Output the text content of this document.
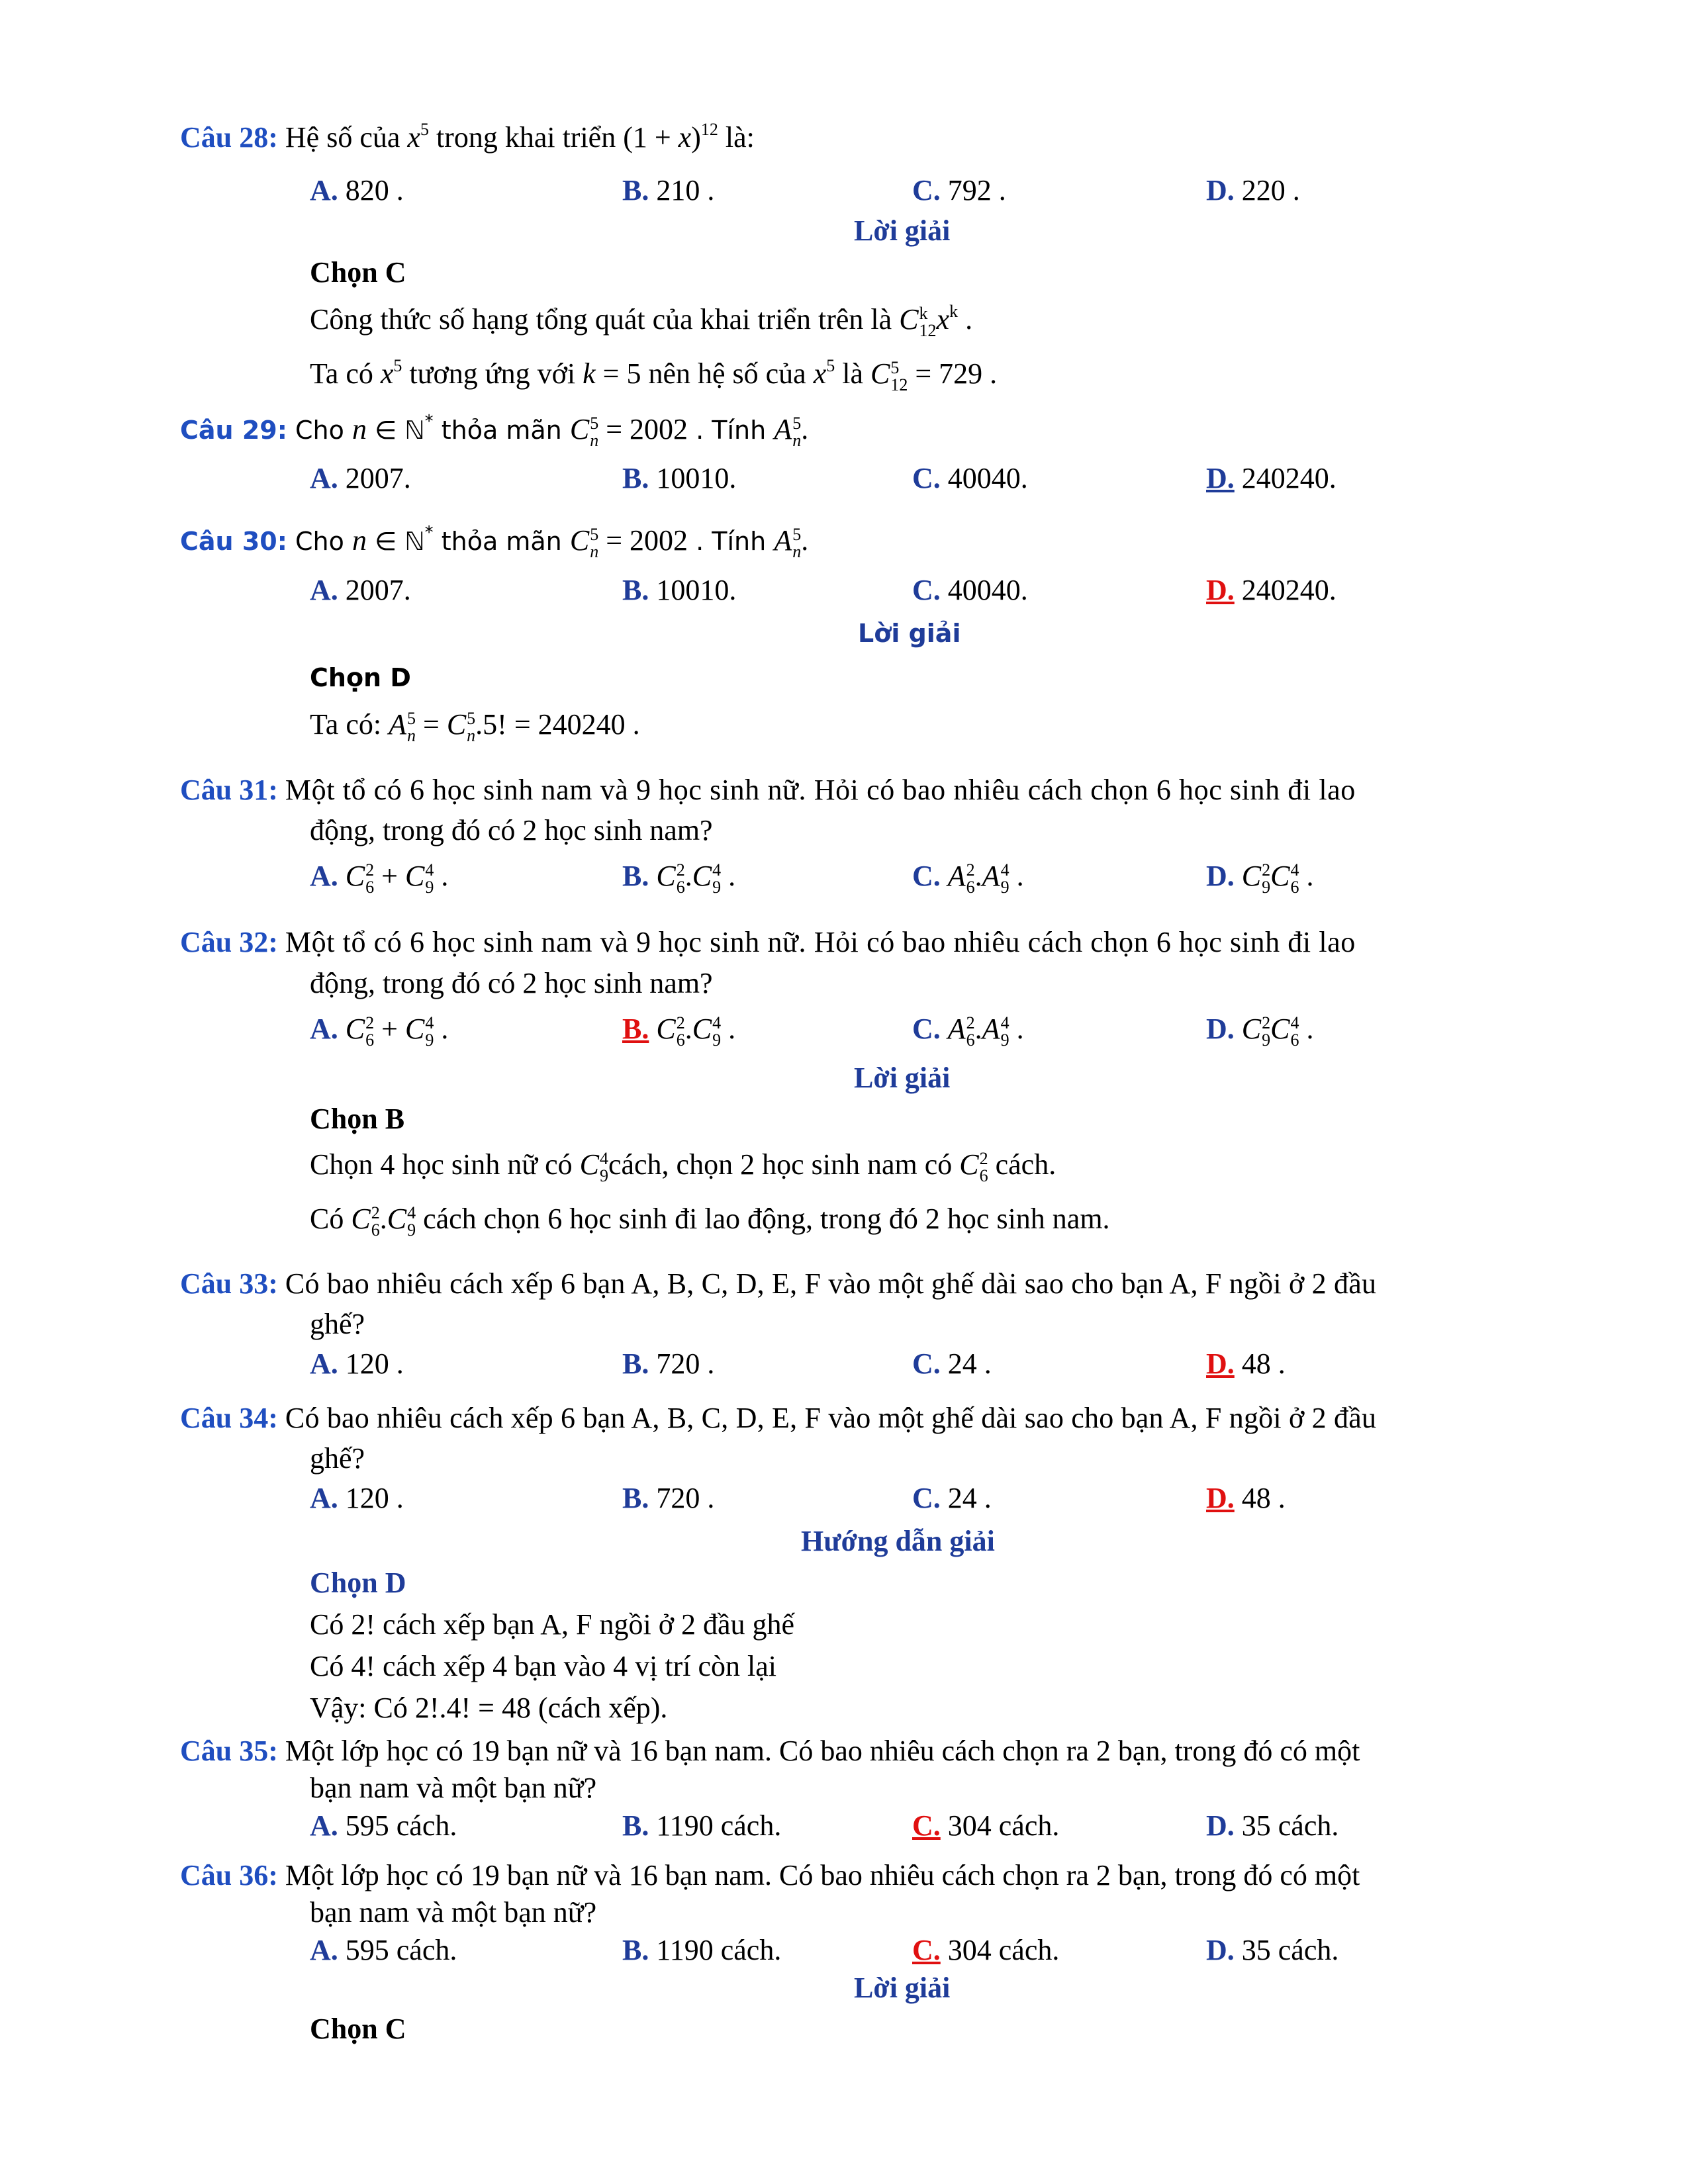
Câu 28: Hệ số của $x^5$ trong khai triển $(1 + x)^{12}$ là:
A. 820 .	B. 210 .	C. 792 .	D. 220 .
Lời giải
Chọn C
Công thức số hạng tổng quát của khai triển trên là C k
12 $x^k$ .
Ta có $x^5$ tương ứng với k = 5 nên hệ số của $x^5$ là C 5
12 = 729 .
Câu 29: Cho n ∈ ℕ* thỏa mãn C 5
n = 2002 . Tính A 5
n .
A. 2007.	B. 10010.	C. 40040.	D. 240240.
Câu 30: Cho n ∈ ℕ* thỏa mãn C 5
n = 2002 . Tính A 5
n .
A. 2007.	B. 10010.	C. 40040.	D. 240240.
Lời giải
Chọn D
Ta có: A 5
n = C 5
n .5! = 240240 .
Câu 31: Một tổ có 6 học sinh nam và 9 học sinh nữ. Hỏi có bao nhiêu cách chọn 6 học sinh đi lao
động, trong đó có 2 học sinh nam?
A. C 2
6 + C 4
9 .	B. C 2
6 .C 4
9 .	C. A 2
6 .A 4
9 .	D. C 2
9 C 4
6 .
Câu 32: Một tổ có 6 học sinh nam và 9 học sinh nữ. Hỏi có bao nhiêu cách chọn 6 học sinh đi lao
động, trong đó có 2 học sinh nam?
A. C 2
6 + C 4
9 .	B. C 2
6 .C 4
9 .	C. A 2
6 .A 4
9 .	D. C 2
9 C 4
6 .
Lời giải
Chọn B
Chọn 4 học sinh nữ có C 4
9 cách, chọn 2 học sinh nam có C 2
6 cách.
Có C 2
6 .C 4
9 cách chọn 6 học sinh đi lao động, trong đó 2 học sinh nam.
Câu 33: Có bao nhiêu cách xếp 6 bạn A, B, C, D, E, F vào một ghế dài sao cho bạn A, F ngồi ở 2 đầu
ghế?
A. 120 .	B. 720 .	C. 24 .	D. 48 .
Câu 34: Có bao nhiêu cách xếp 6 bạn A, B, C, D, E, F vào một ghế dài sao cho bạn A, F ngồi ở 2 đầu
ghế?
A. 120 .	B. 720 .	C. 24 .	D. 48 .
Hướng dẫn giải
Chọn D
Có 2! cách xếp bạn A, F ngồi ở 2 đầu ghế
Có 4! cách xếp 4 bạn vào 4 vị trí còn lại
Vậy: Có 2!.4! = 48 (cách xếp).
Câu 35: Một lớp học có 19 bạn nữ và 16 bạn nam. Có bao nhiêu cách chọn ra 2 bạn, trong đó có một
bạn nam và một bạn nữ?
A. 595 cách.	B. 1190 cách.	C. 304 cách.	D. 35 cách.
Câu 36: Một lớp học có 19 bạn nữ và 16 bạn nam. Có bao nhiêu cách chọn ra 2 bạn, trong đó có một
bạn nam và một bạn nữ?
A. 595 cách.	B. 1190 cách.	C. 304 cách.	D. 35 cách.
Lời giải
Chọn C
